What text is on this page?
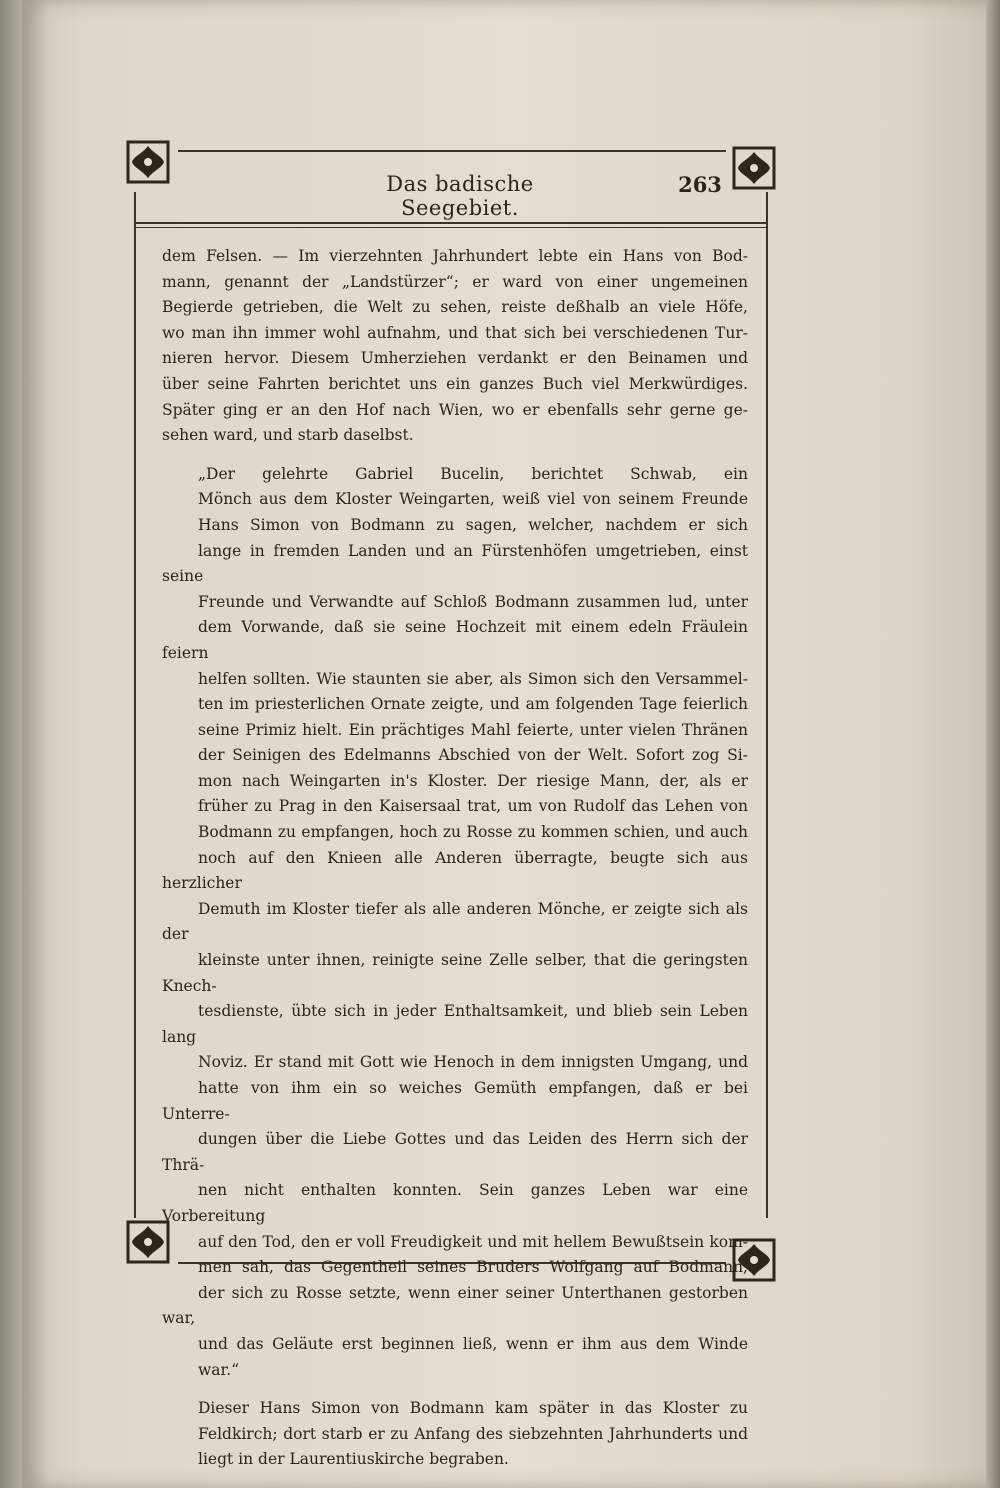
Das badische Seegebiet.
263

dem Felsen. — Im vierzehnten Jahrhundert lebte ein Hans von Bod-
mann, genannt der „Landstürzer“; er ward von einer ungemeinen
Begierde getrieben, die Welt zu sehen, reiste deßhalb an viele Höfe,
wo man ihn immer wohl aufnahm, und that sich bei verschiedenen Tur-
nieren hervor. Diesem Umherziehen verdankt er den Beinamen und
über seine Fahrten berichtet uns ein ganzes Buch viel Merkwürdiges.
Später ging er an den Hof nach Wien, wo er ebenfalls sehr gerne ge-
sehen ward, und starb daselbst.

„Der gelehrte Gabriel Bucelin, berichtet Schwab, ein
Mönch aus dem Kloster Weingarten, weiß viel von seinem Freunde
Hans Simon von Bodmann zu sagen, welcher, nachdem er sich
lange in fremden Landen und an Fürstenhöfen umgetrieben, einst seine
Freunde und Verwandte auf Schloß Bodmann zusammen lud, unter
dem Vorwande, daß sie seine Hochzeit mit einem edeln Fräulein feiern
helfen sollten. Wie staunten sie aber, als Simon sich den Versammel-
ten im priesterlichen Ornate zeigte, und am folgenden Tage feierlich
seine Primiz hielt. Ein prächtiges Mahl feierte, unter vielen Thränen
der Seinigen des Edelmanns Abschied von der Welt. Sofort zog Si-
mon nach Weingarten in's Kloster. Der riesige Mann, der, als er
früher zu Prag in den Kaisersaal trat, um von Rudolf das Lehen von
Bodmann zu empfangen, hoch zu Rosse zu kommen schien, und auch
noch auf den Knieen alle Anderen überragte, beugte sich aus herzlicher
Demuth im Kloster tiefer als alle anderen Mönche, er zeigte sich als der
kleinste unter ihnen, reinigte seine Zelle selber, that die geringsten Knech-
tesdienste, übte sich in jeder Enthaltsamkeit, und blieb sein Leben lang
Noviz. Er stand mit Gott wie Henoch in dem innigsten Umgang, und
hatte von ihm ein so weiches Gemüth empfangen, daß er bei Unterre-
dungen über die Liebe Gottes und das Leiden des Herrn sich der Thrä-
nen nicht enthalten konnten. Sein ganzes Leben war eine Vorbereitung
auf den Tod, den er voll Freudigkeit und mit hellem Bewußtsein kom-
men sah, das Gegentheil seines Bruders Wolfgang auf Bodmann,
der sich zu Rosse setzte, wenn einer seiner Unterthanen gestorben war,
und das Geläute erst beginnen ließ, wenn er ihm aus dem Winde
war.“

Dieser Hans Simon von Bodmann kam später in das Kloster zu
Feldkirch; dort starb er zu Anfang des siebzehnten Jahrhunderts und
liegt in der Laurentiuskirche begraben.
